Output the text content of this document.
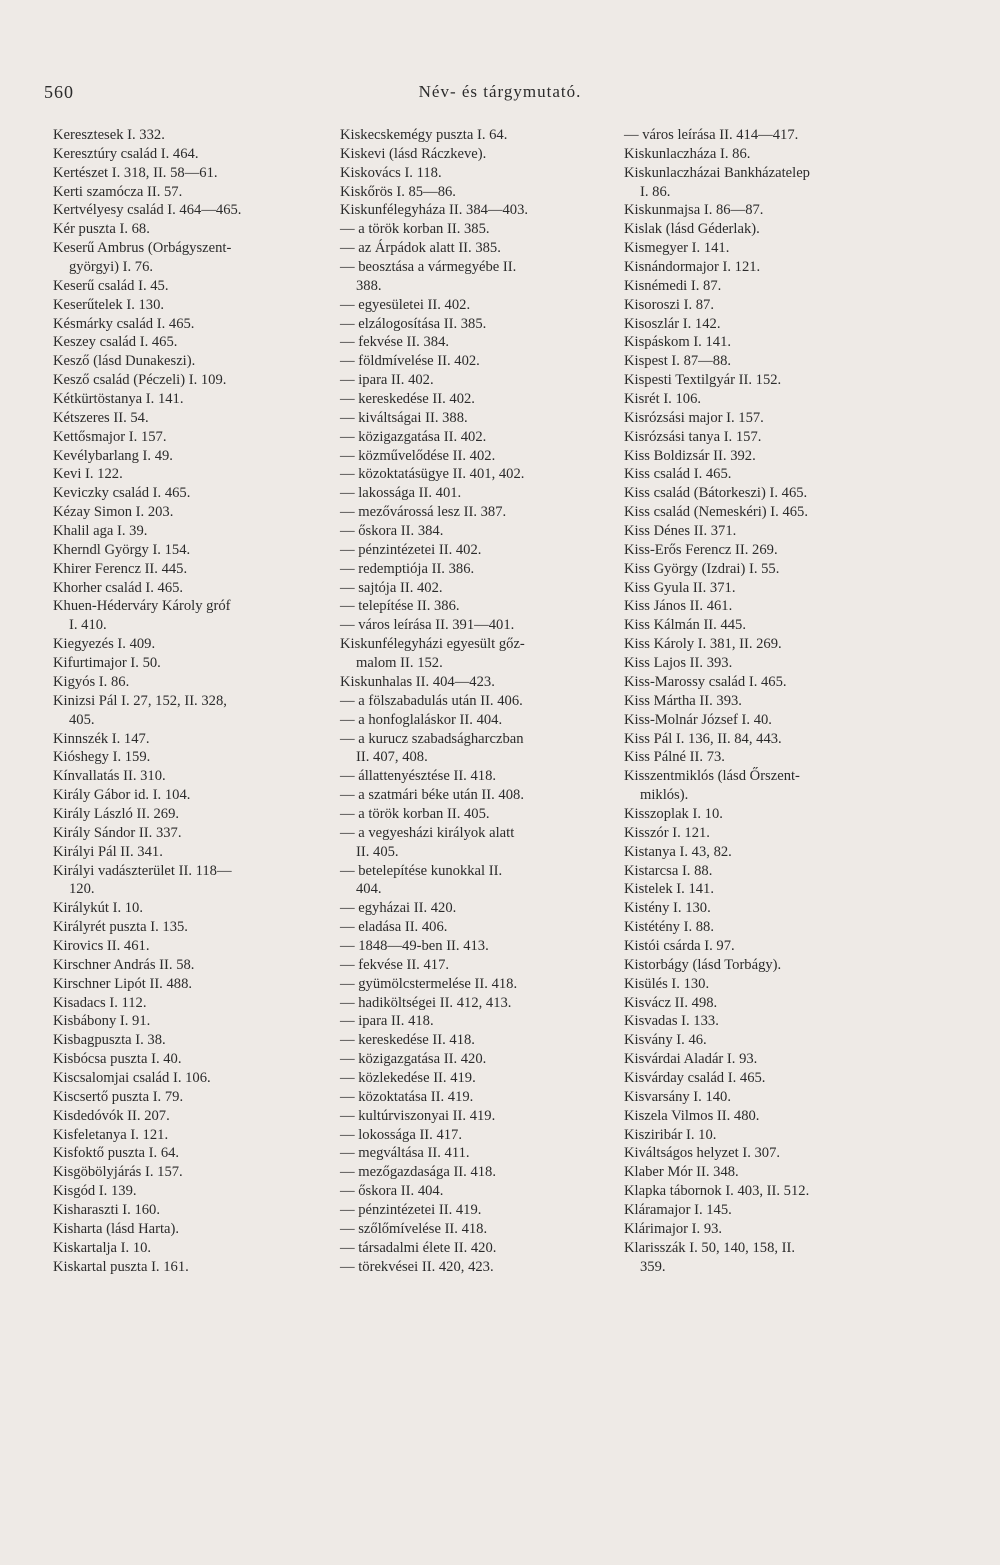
560	Név- és tárgymutató.
Keresztesek I. 332.
Keresztúry család I. 464.
Kertészet I. 318, II. 58—61.
Kerti szamócza II. 57.
Kertvélyesy család I. 464—465.
Kér puszta I. 68.
Keserű Ambrus (Orbágyszent-
györgyi) I. 76.
Keserű család I. 45.
Keserűtelek I. 130.
Késmárky család I. 465.
Keszey család I. 465.
Kesző (lásd Dunakeszi).
Kesző család (Péczeli) I. 109.
Kétkürtöstanya I. 141.
Kétszeres II. 54.
Kettősmajor I. 157.
Kevélybarlang I. 49.
Kevi I. 122.
Keviczky család I. 465.
Kézay Simon I. 203.
Khalil aga I. 39.
Kherndl György I. 154.
Khirer Ferencz II. 445.
Khorher család I. 465.
Khuen-Héderváry Károly gróf
I. 410.
Kiegyezés I. 409.
Kifurtimajor I. 50.
Kigyós I. 86.
Kinizsi Pál I. 27, 152, II. 328,
405.
Kinnszék I. 147.
Kióshegy I. 159.
Kínvallatás II. 310.
Király Gábor id. I. 104.
Király László II. 269.
Király Sándor II. 337.
Királyi Pál II. 341.
Királyi vadászterület II. 118—
120.
Királykút I. 10.
Királyrét puszta I. 135.
Kirovics II. 461.
Kirschner András II. 58.
Kirschner Lipót II. 488.
Kisadacs I. 112.
Kisbábony I. 91.
Kisbagpuszta I. 38.
Kisbócsa puszta I. 40.
Kiscsalomjai család I. 106.
Kiscsertő puszta I. 79.
Kisdedóvók II. 207.
Kisfeletanya I. 121.
Kisfoktő puszta I. 64.
Kisgöbölyjárás I. 157.
Kisgód I. 139.
Kisharaszti I. 160.
Kisharta (lásd Harta).
Kiskartalja I. 10.
Kiskartal puszta I. 161.
Kiskecskemégy puszta I. 64.
Kiskevi (lásd Ráczkeve).
Kiskovács I. 118.
Kiskőrös I. 85—86.
Kiskunfélegyháza II. 384—403.
— a török korban II. 385.
— az Árpádok alatt II. 385.
— beosztása a vármegyébe II.
388.
— egyesületei II. 402.
— elzálogosítása II. 385.
— fekvése II. 384.
— földmívelése II. 402.
— ipara II. 402.
— kereskedése II. 402.
— kiváltságai II. 388.
— közigazgatása II. 402.
— közművelődése II. 402.
— közoktatásügye II. 401, 402.
— lakossága II. 401.
— mezővárossá lesz II. 387.
— őskora II. 384.
— pénzintézetei II. 402.
— redemptiója II. 386.
— sajtója II. 402.
— telepítése II. 386.
— város leírása II. 391—401.
Kiskunfélegyházi egyesült gőz-
malom II. 152.
Kiskunhalas II. 404—423.
— a fölszabadulás után II. 406.
— a honfoglaláskor II. 404.
— a kurucz szabadságharczban
II. 407, 408.
— állattenyésztése II. 418.
— a szatmári béke után II. 408.
— a török korban II. 405.
— a vegyesházi királyok alatt
II. 405.
— betelepítése kunokkal II.
404.
— egyházai II. 420.
— eladása II. 406.
— 1848—49-ben II. 413.
— fekvése II. 417.
— gyümölcstermelése II. 418.
— hadiköltségei II. 412, 413.
— ipara II. 418.
— kereskedése II. 418.
— közigazgatása II. 420.
— közlekedése II. 419.
— közoktatása II. 419.
— kultúrviszonyai II. 419.
— lokossága II. 417.
— megváltása II. 411.
— mezőgazdasága II. 418.
— őskora II. 404.
— pénzintézetei II. 419.
— szőlőmívelése II. 418.
— társadalmi élete II. 420.
— törekvései II. 420, 423.
— város leírása II. 414—417.
Kiskunlaczháza I. 86.
Kiskunlaczházai Bankházatelep
I. 86.
Kiskunmajsa I. 86—87.
Kislak (lásd Géderlak).
Kismegyer I. 141.
Kisnándormajor I. 121.
Kisnémedi I. 87.
Kisoroszi I. 87.
Kisoszlár I. 142.
Kispáskom I. 141.
Kispest I. 87—88.
Kispesti Textilgyár II. 152.
Kisrét I. 106.
Kisrózsási major I. 157.
Kisrózsási tanya I. 157.
Kiss Boldizsár II. 392.
Kiss család I. 465.
Kiss család (Bátorkeszi) I. 465.
Kiss család (Nemeskéri) I. 465.
Kiss Dénes II. 371.
Kiss-Erős Ferencz II. 269.
Kiss György (Izdrai) I. 55.
Kiss Gyula II. 371.
Kiss János II. 461.
Kiss Kálmán II. 445.
Kiss Károly I. 381, II. 269.
Kiss Lajos II. 393.
Kiss-Marossy család I. 465.
Kiss Mártha II. 393.
Kiss-Molnár József I. 40.
Kiss Pál I. 136, II. 84, 443.
Kiss Pálné II. 73.
Kisszentmiklós (lásd Őrszent-
miklós).
Kisszoplak I. 10.
Kisszór I. 121.
Kistanya I. 43, 82.
Kistarcsa I. 88.
Kistelek I. 141.
Kistény I. 130.
Kistétény I. 88.
Kistói csárda I. 97.
Kistorbágy (lásd Torbágy).
Kisülés I. 130.
Kisvácz II. 498.
Kisvadas I. 133.
Kisvány I. 46.
Kisvárdai Aladár I. 93.
Kisvárday család I. 465.
Kisvarsány I. 140.
Kiszela Vilmos II. 480.
Kisziribár I. 10.
Kiváltságos helyzet I. 307.
Klaber Mór II. 348.
Klapka tábornok I. 403, II. 512.
Kláramajor I. 145.
Klárimajor I. 93.
Klarisszák I. 50, 140, 158, II.
359.
